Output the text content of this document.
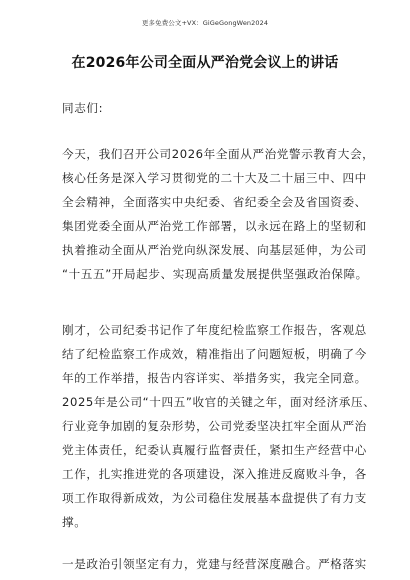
更多免费公文+VX：GiGeGongWen2024
在2026年公司全面从严治党会议上的讲话
同志们:
今天，我们召开公司2026年全面从严治党警示教育大会，
核心任务是深入学习贯彻党的二十大及二十届三中、四中
全会精神，全面落实中央纪委、省纪委全会及省国资委、
集团党委全面从严治党工作部署，以永远在路上的坚韧和
执着推动全面从严治党向纵深发展、向基层延伸，为公司
“十五五”开局起步、实现高质量发展提供坚强政治保障。
刚才，公司纪委书记作了年度纪检监察工作报告，客观总
结了纪检监察工作成效，精准指出了问题短板，明确了今
年的工作举措，报告内容详实、举措务实，我完全同意。
2025年是公司“十四五”收官的关键之年，面对经济承压、
行业竞争加剧的复杂形势，公司党委坚决扛牢全面从严治
党主体责任，纪委认真履行监督责任，紧扣生产经营中心
工作，扎实推进党的各项建设，深入推进反腐败斗争，各
项工作取得新成效，为公司稳住发展基本盘提供了有力支
撑。
一是政治引领坚定有力，党建与经营深度融合。严格落实
